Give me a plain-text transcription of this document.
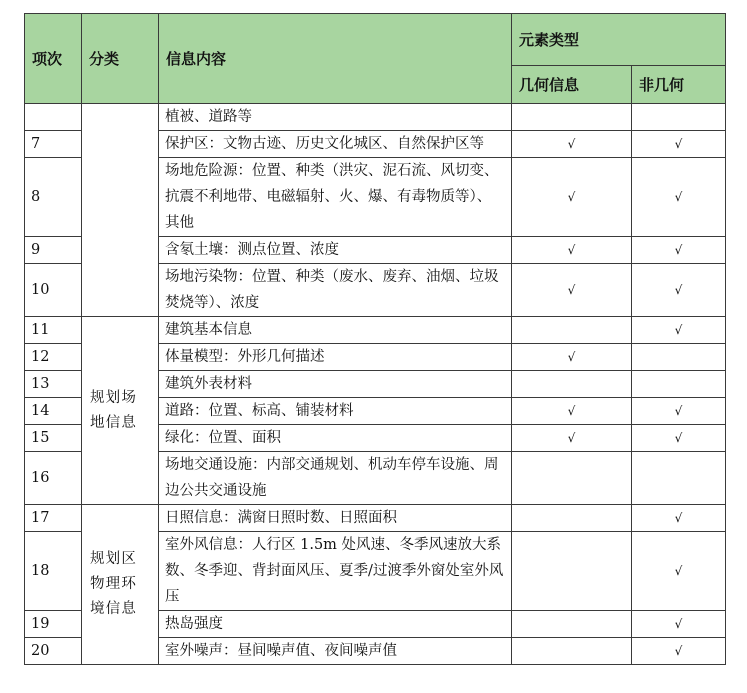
项次	分类	信息内容	元素类型	
			几何信息	非几何
		植被、道路等		
7		保护区：文物古迹、历史文化城区、自然保护区等	√	√
8		场地危险源：位置、种类（洪灾、泥石流、风切变、抗震不利地带、电磁辐射、火、爆、有毒物质等）、其他	√	√
9		含氡土壤：测点位置、浓度	√	√
10		场地污染物：位置、种类（废水、废弃、油烟、垃圾焚烧等）、浓度	√	√
11	规划场地信息	建筑基本信息		√
12		体量模型：外形几何描述	√	
13		建筑外表材料		
14		道路：位置、标高、铺装材料	√	√
15		绿化：位置、面积	√	√
16		场地交通设施：内部交通规划、机动车停车设施、周边公共交通设施		
17	规划区物理环境信息	日照信息：满窗日照时数、日照面积		√
18		室外风信息：人行区 1.5m 处风速、冬季风速放大系数、冬季迎、背封面风压、夏季/过渡季外窗处室外风压		√
19		热岛强度		√
20		室外噪声：昼间噪声值、夜间噪声值		√
